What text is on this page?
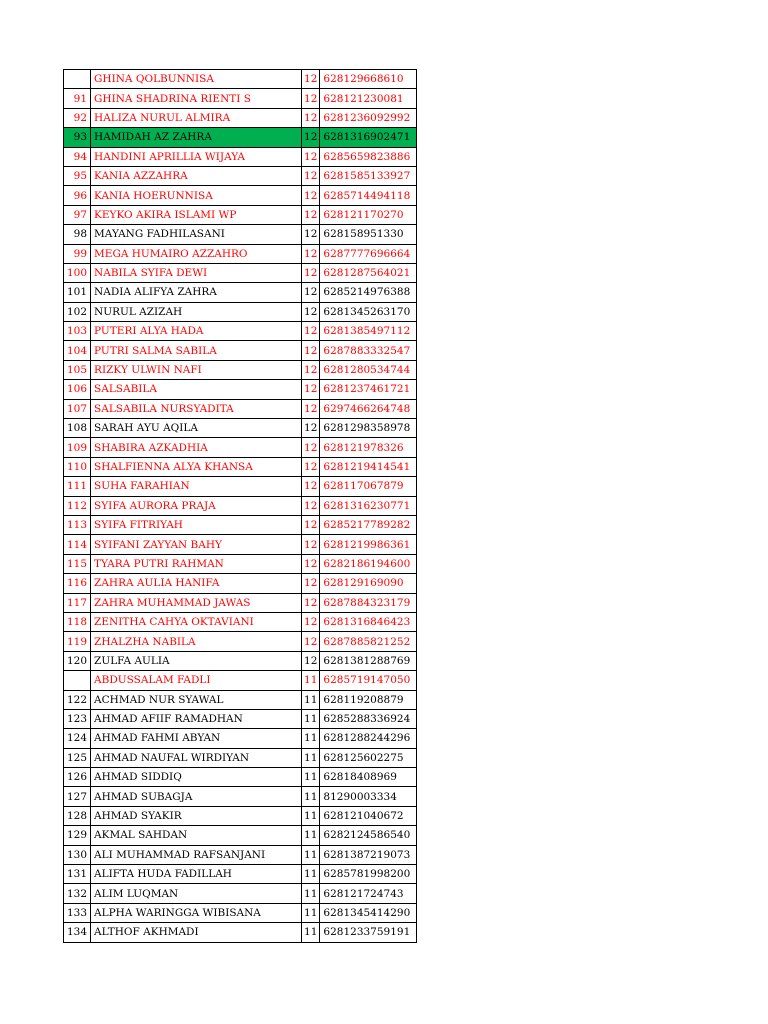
	GHINA QOLBUNNISA	12	628129668610
91	GHINA SHADRINA RIENTI S	12	628121230081
92	HALIZA NURUL ALMIRA	12	6281236092992
93	HAMIDAH AZ ZAHRA	12	6281316902471
94	HANDINI APRILLIA WIJAYA	12	6285659823886
95	KANIA AZZAHRA	12	6281585133927
96	KANIA HOERUNNISA	12	6285714494118
97	KEYKO AKIRA ISLAMI WP	12	628121170270
98	MAYANG FADHILASANI	12	628158951330
99	MEGA HUMAIRO AZZAHRO	12	6287777696664
100	NABILA SYIFA DEWI	12	6281287564021
101	NADIA ALIFYA ZAHRA	12	6285214976388
102	NURUL AZIZAH	12	6281345263170
103	PUTERI ALYA HADA	12	6281385497112
104	PUTRI SALMA SABILA	12	6287883332547
105	RIZKY ULWIN NAFI	12	6281280534744
106	SALSABILA	12	6281237461721
107	SALSABILA NURSYADITA	12	6297466264748
108	SARAH AYU AQILA	12	6281298358978
109	SHABIRA AZKADHIA	12	628121978326
110	SHALFIENNA ALYA KHANSA	12	6281219414541
111	SUHA FARAHIAN	12	628117067879
112	SYIFA AURORA PRAJA	12	6281316230771
113	SYIFA FITRIYAH	12	6285217789282
114	SYIFANI ZAYYAN BAHY	12	6281219986361
115	TYARA PUTRI RAHMAN	12	6282186194600
116	ZAHRA AULIA HANIFA	12	628129169090
117	ZAHRA MUHAMMAD JAWAS	12	6287884323179
118	ZENITHA CAHYA OKTAVIANI	12	6281316846423
119	ZHALZHA NABILA	12	6287885821252
120	ZULFA AULIA	12	6281381288769
	ABDUSSALAM FADLI	11	6285719147050
122	ACHMAD NUR SYAWAL	11	628119208879
123	AHMAD AFIIF RAMADHAN	11	6285288336924
124	AHMAD FAHMI ABYAN	11	6281288244296
125	AHMAD NAUFAL WIRDIYAN	11	628125602275
126	AHMAD SIDDIQ	11	62818408969
127	AHMAD SUBAGJA	11	81290003334
128	AHMAD SYAKIR	11	628121040672
129	AKMAL SAHDAN	11	6282124586540
130	ALI MUHAMMAD RAFSANJANI	11	6281387219073
131	ALIFTA HUDA FADILLAH	11	6285781998200
132	ALIM LUQMAN	11	628121724743
133	ALPHA WARINGGA WIBISANA	11	6281345414290
134	ALTHOF AKHMADI	11	6281233759191
